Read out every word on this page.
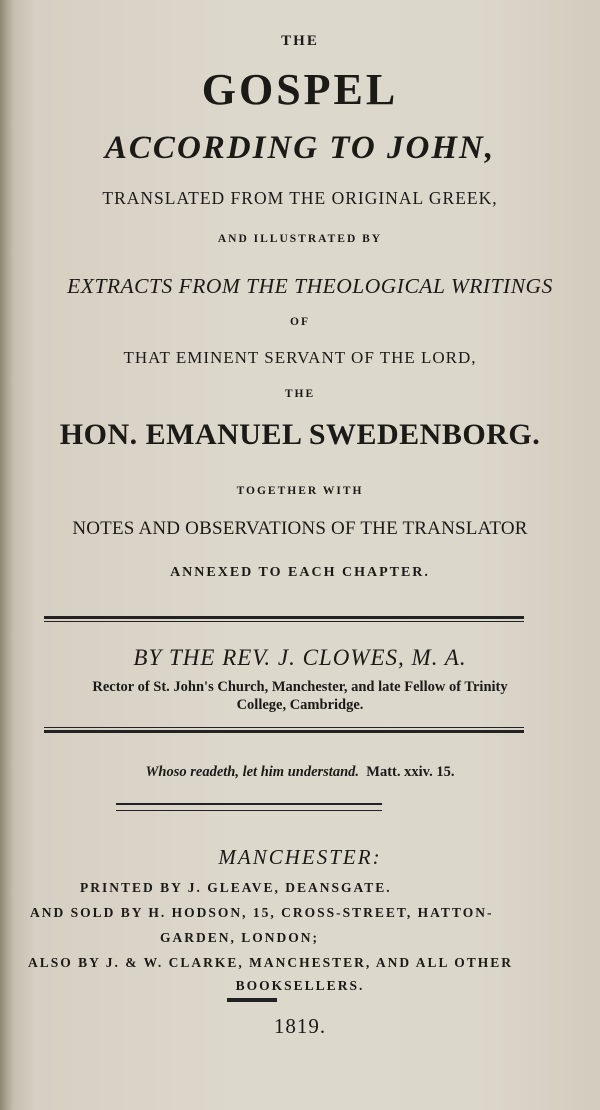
THE
GOSPEL
ACCORDING TO JOHN,
TRANSLATED FROM THE ORIGINAL GREEK,
AND ILLUSTRATED BY
EXTRACTS FROM THE THEOLOGICAL WRITINGS
OF
THAT EMINENT SERVANT OF THE LORD,
THE
HON. EMANUEL SWEDENBORG.
TOGETHER WITH
NOTES AND OBSERVATIONS OF THE TRANSLATOR
ANNEXED TO EACH CHAPTER.
BY THE REV. J. CLOWES, M. A.
Rector of St. John's Church, Manchester, and late Fellow of Trinity
College, Cambridge.
Whoso readeth, let him understand. Matt. xxiv. 15.
MANCHESTER:
PRINTED BY J. GLEAVE, DEANSGATE.
AND SOLD BY H. HODSON, 15, CROSS-STREET, HATTON-
GARDEN, LONDON;
ALSO BY J. & W. CLARKE, MANCHESTER, AND ALL OTHER
BOOKSELLERS.
1819.
